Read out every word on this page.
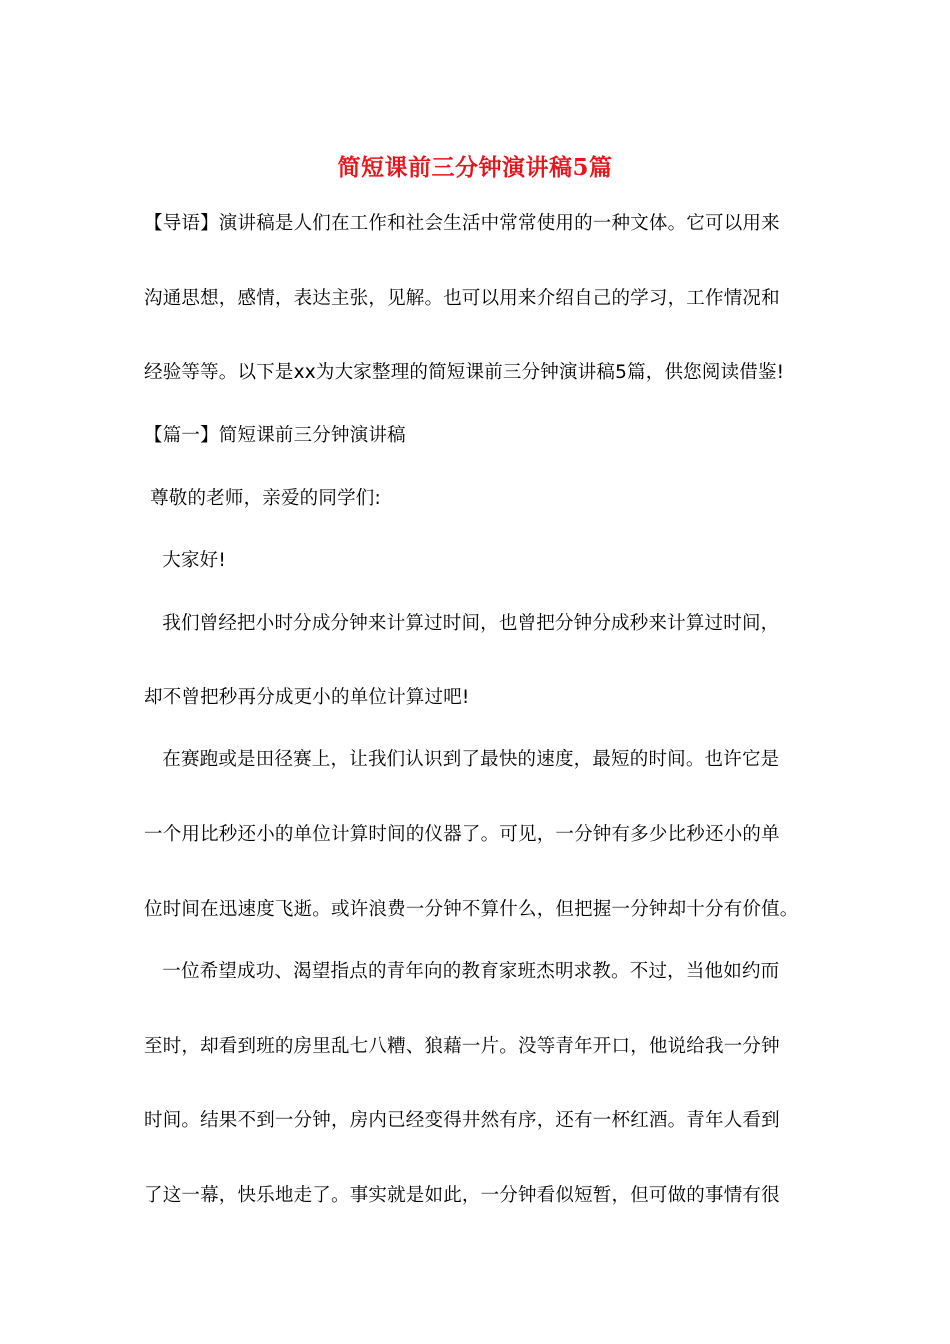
简短课前三分钟演讲稿5篇
【导语】演讲稿是人们在工作和社会生活中常常使用的一种文体。它可以用来
沟通思想，感情，表达主张，见解。也可以用来介绍自己的学习，工作情况和
经验等等。以下是xx为大家整理的简短课前三分钟演讲稿5篇，供您阅读借鉴!
【篇一】简短课前三分钟演讲稿
尊敬的老师，亲爱的同学们:
大家好!
我们曾经把小时分成分钟来计算过时间，也曾把分钟分成秒来计算过时间，
却不曾把秒再分成更小的单位计算过吧!
在赛跑或是田径赛上，让我们认识到了最快的速度，最短的时间。也许它是
一个用比秒还小的单位计算时间的仪器了。可见，一分钟有多少比秒还小的单
位时间在迅速度飞逝。或许浪费一分钟不算什么，但把握一分钟却十分有价值。
一位希望成功、渴望指点的青年向的教育家班杰明求教。不过，当他如约而
至时，却看到班的房里乱七八糟、狼藉一片。没等青年开口，他说给我一分钟
时间。结果不到一分钟，房内已经变得井然有序，还有一杯红酒。青年人看到
了这一幕，快乐地走了。事实就是如此，一分钟看似短暂，但可做的事情有很
